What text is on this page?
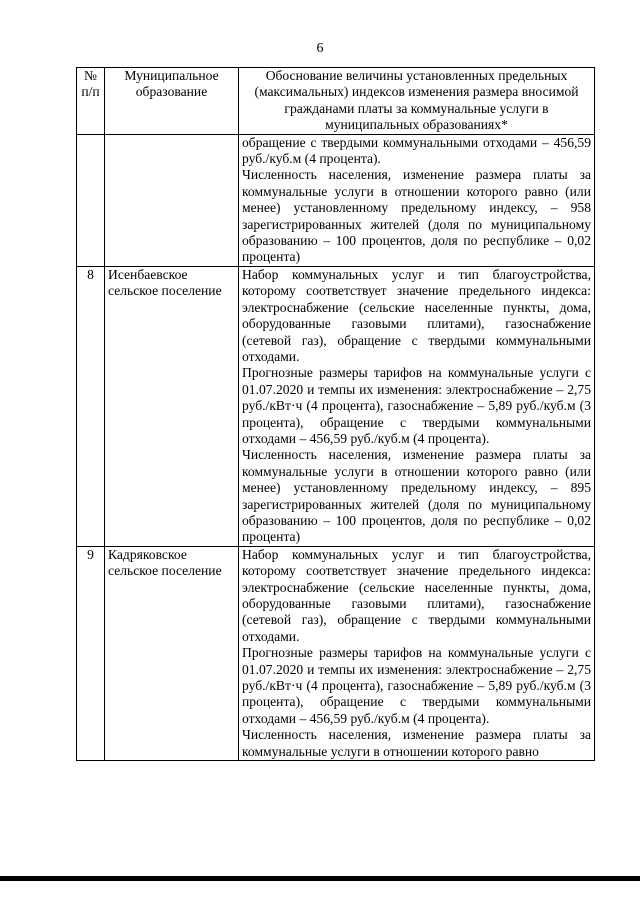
6
№ п/п	Муниципальное образование	Обоснование величины установленных предельных (максимальных) индексов изменения размера вносимой гражданами платы за коммунальные услуги в муниципальных образованиях*

		обращение с твердыми коммунальными отходами – 456,59 руб./куб.м (4 процента).
Численность населения, изменение размера платы за коммунальные услуги в отношении которого равно (или менее) установленному предельному индексу, – 958 зарегистрированных жителей (доля по муниципальному образованию – 100 процентов, доля по республике – 0,02 процента)

8	Исенбаевское сельское поселение	Набор коммунальных услуг и тип благоустройства, которому соответствует значение предельного индекса: электроснабжение (сельские населенные пункты, дома, оборудованные газовыми плитами), газоснабжение (сетевой газ), обращение с твердыми коммунальными отходами.
Прогнозные размеры тарифов на коммунальные услуги с 01.07.2020 и темпы их изменения: электроснабжение – 2,75 руб./кВт·ч (4 процента), газоснабжение – 5,89 руб./куб.м (3 процента), обращение с твердыми коммунальными отходами – 456,59 руб./куб.м (4 процента).
Численность населения, изменение размера платы за коммунальные услуги в отношении которого равно (или менее) установленному предельному индексу, – 895 зарегистрированных жителей (доля по муниципальному образованию – 100 процентов, доля по республике – 0,02 процента)

9	Кадряковское сельское поселение	Набор коммунальных услуг и тип благоустройства, которому соответствует значение предельного индекса: электроснабжение (сельские населенные пункты, дома, оборудованные газовыми плитами), газоснабжение (сетевой газ), обращение с твердыми коммунальными отходами.
Прогнозные размеры тарифов на коммунальные услуги с 01.07.2020 и темпы их изменения: электроснабжение – 2,75 руб./кВт·ч (4 процента), газоснабжение – 5,89 руб./куб.м (3 процента), обращение с твердыми коммунальными отходами – 456,59 руб./куб.м (4 процента).
Численность населения, изменение размера платы за коммунальные услуги в отношении которого равно
